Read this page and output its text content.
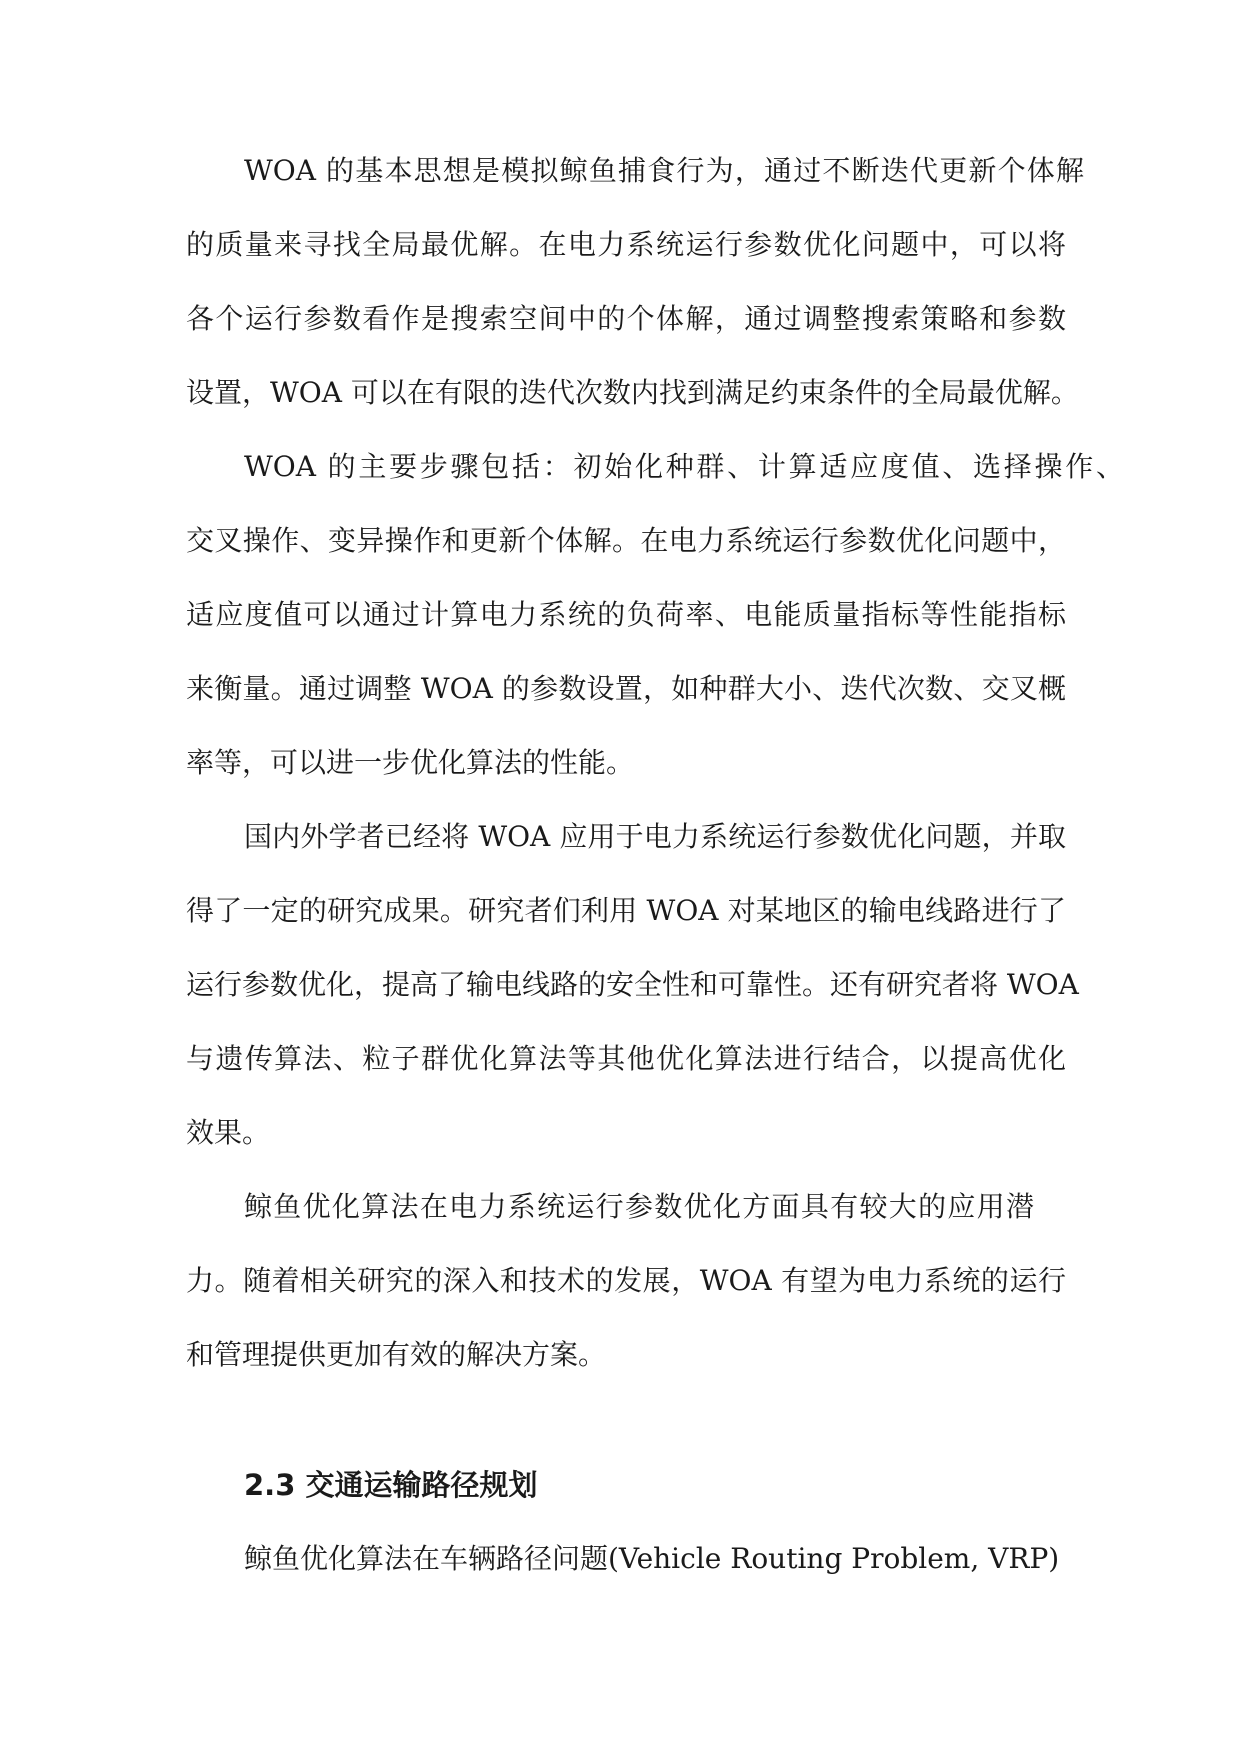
WOA 的基本思想是模拟鲸鱼捕食行为，通过不断迭代更新个体解
的质量来寻找全局最优解。在电力系统运行参数优化问题中，可以将
各个运行参数看作是搜索空间中的个体解，通过调整搜索策略和参数
设置，WOA 可以在有限的迭代次数内找到满足约束条件的全局最优解。
WOA 的主要步骤包括：初始化种群、计算适应度值、选择操作、
交叉操作、变异操作和更新个体解。在电力系统运行参数优化问题中，
适应度值可以通过计算电力系统的负荷率、电能质量指标等性能指标
来衡量。通过调整 WOA 的参数设置，如种群大小、迭代次数、交叉概
率等，可以进一步优化算法的性能。
国内外学者已经将 WOA 应用于电力系统运行参数优化问题，并取
得了一定的研究成果。研究者们利用 WOA 对某地区的输电线路进行了
运行参数优化，提高了输电线路的安全性和可靠性。还有研究者将 WOA
与遗传算法、粒子群优化算法等其他优化算法进行结合，以提高优化
效果。
鲸鱼优化算法在电力系统运行参数优化方面具有较大的应用潜
力。随着相关研究的深入和技术的发展，WOA 有望为电力系统的运行
和管理提供更加有效的解决方案。
2.3 交通运输路径规划
鲸鱼优化算法在车辆路径问题(Vehicle Routing Problem, VRP)
